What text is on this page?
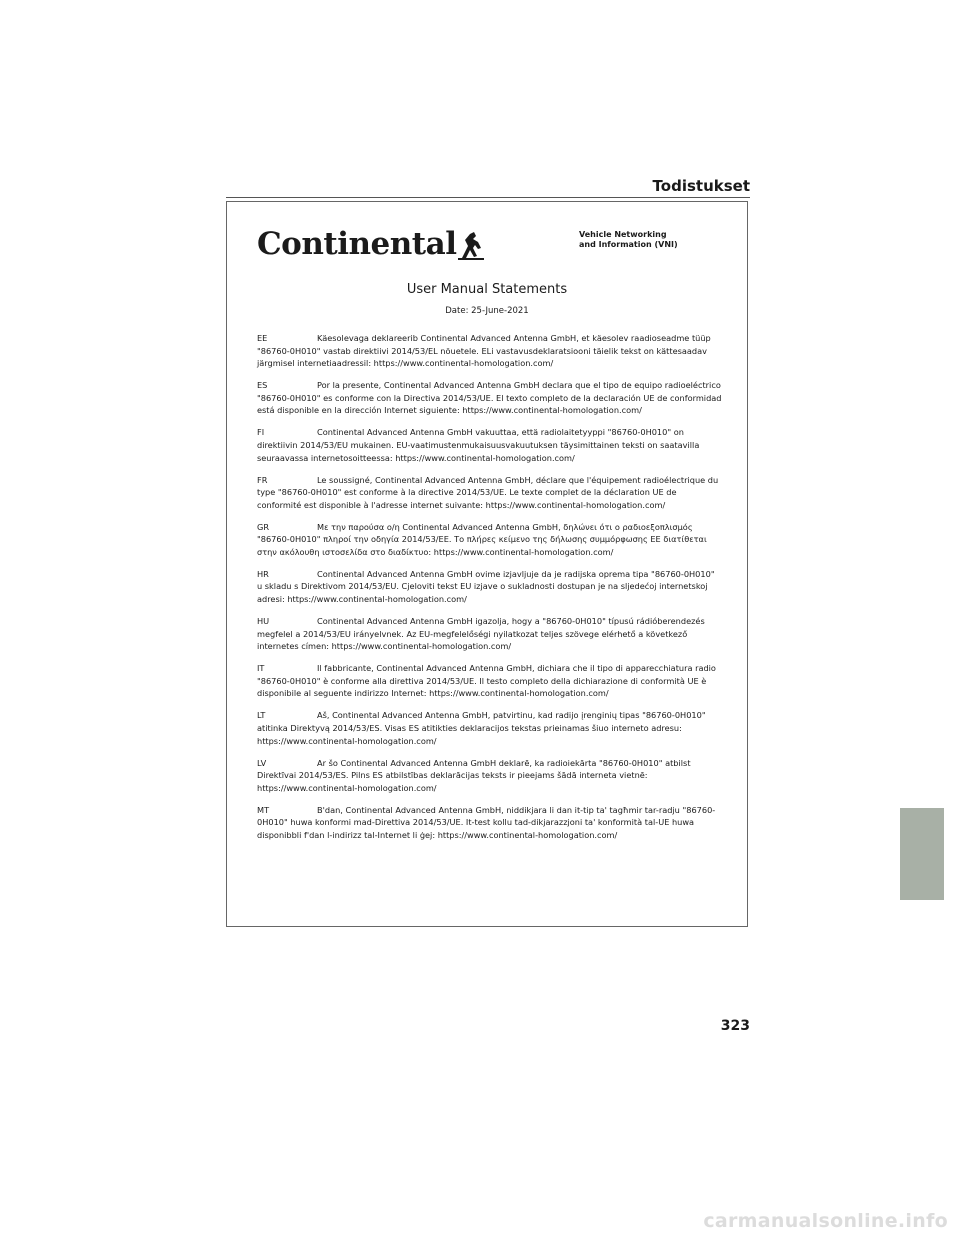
Todistukset
Continental	Vehicle Networking
and Information (VNI)
User Manual Statements
Date: 25-June-2021

EE	Käesolevaga deklareerib Continental Advanced Antenna GmbH, et käesolev raadioseadme tüüp "86760-0H010" vastab direktiivi 2014/53/EL nõuetele. ELi vastavusdeklaratsiooni täielik tekst on kättesaadav järgmisel internetiaadressil: https://www.continental-homologation.com/

ES	Por la presente, Continental Advanced Antenna GmbH declara que el tipo de equipo radioeléctrico "86760-0H010" es conforme con la Directiva 2014/53/UE. El texto completo de la declaración UE de conformidad está disponible en la dirección Internet siguiente: https://www.continental-homologation.com/

FI	Continental Advanced Antenna GmbH vakuuttaa, että radiolaitetyyppi "86760-0H010" on direktiivin 2014/53/EU mukainen. EU-vaatimustenmukaisuusvakuutuksen täysimittainen teksti on saatavilla seuraavassa internetosoitteessa: https://www.continental-homologation.com/

FR	Le soussigné, Continental Advanced Antenna GmbH, déclare que l'équipement radioélectrique du type "86760-0H010" est conforme à la directive 2014/53/UE. Le texte complet de la déclaration UE de conformité est disponible à l'adresse internet suivante: https://www.continental-homologation.com/

GR	Με την παρούσα ο/η Continental Advanced Antenna GmbH, δηλώνει ότι ο ραδιοεξοπλισμός "86760-0H010" πληροί την οδηγία 2014/53/ΕΕ. Το πλήρες κείμενο της δήλωσης συμμόρφωσης ΕΕ διατίθεται στην ακόλουθη ιστοσελίδα στο διαδίκτυο: https://www.continental-homologation.com/

HR	Continental Advanced Antenna GmbH ovime izjavljuje da je radijska oprema tipa "86760-0H010" u skladu s Direktivom 2014/53/EU. Cjeloviti tekst EU izjave o sukladnosti dostupan je na sljedećoj internetskoj adresi: https://www.continental-homologation.com/

HU	Continental Advanced Antenna GmbH igazolja, hogy a "86760-0H010" típusú rádióberendezés megfelel a 2014/53/EU irányelvnek. Az EU-megfelelőségi nyilatkozat teljes szövege elérhető a következő internetes címen: https://www.continental-homologation.com/

IT	Il fabbricante, Continental Advanced Antenna GmbH, dichiara che il tipo di apparecchiatura radio "86760-0H010" è conforme alla direttiva 2014/53/UE. Il testo completo della dichiarazione di conformità UE è disponibile al seguente indirizzo Internet: https://www.continental-homologation.com/

LT	Aš, Continental Advanced Antenna GmbH, patvirtinu, kad radijo įrenginių tipas "86760-0H010" atitinka Direktyvą 2014/53/ES. Visas ES atitikties deklaracijos tekstas prieinamas šiuo interneto adresu: https://www.continental-homologation.com/

LV	Ar šo Continental Advanced Antenna GmbH deklarē, ka radioiekārta "86760-0H010" atbilst Direktīvai 2014/53/ES. Pilns ES atbilstības deklarācijas teksts ir pieejams šādā interneta vietnē: https://www.continental-homologation.com/

MT	B'dan, Continental Advanced Antenna GmbH, niddikjara li dan it-tip ta' tagħmir tar-radju "86760-0H010" huwa konformi mad-Direttiva 2014/53/UE. It-test kollu tad-dikjarazzjoni ta' konformità tal-UE huwa disponibbli f'dan l-indirizz tal-Internet li ġej: https://www.continental-homologation.com/

323
carmanualsonline.info
